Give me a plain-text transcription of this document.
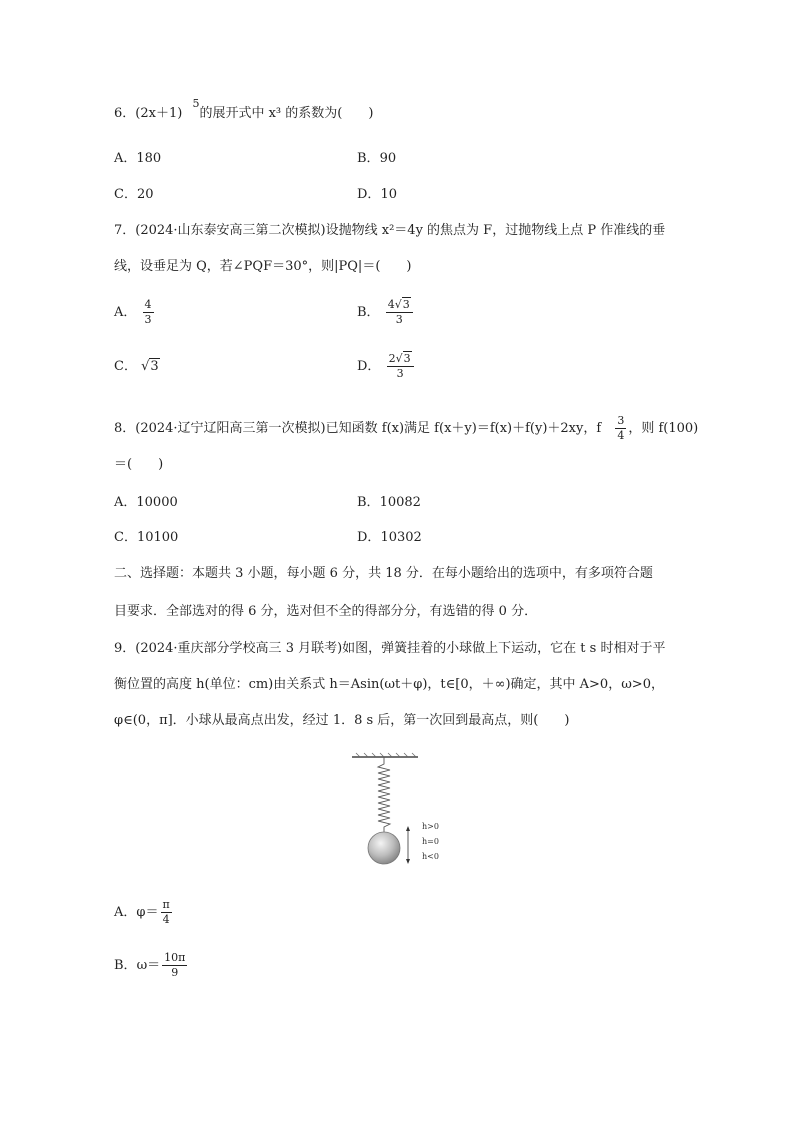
6．(2x＋1) $^5$的展开式中 x³ 的系数为(　　)
A．180	B．90
C．20	D．10
7．(2024·山东泰安高三第二次模拟)设抛物线 x²＝4y 的焦点为 F，过抛物线上点 P 作准线的垂
线，设垂足为 Q，若∠PQF＝30°，则|PQ|＝(　　)
A． $\frac{4}{3}$	B． $\frac{4√3}{3}$
C． √3	D． $\frac{2√3}{3}$
8．(2024·辽宁辽阳高三第一次模拟)已知函数 f(x)满足 f(x＋y)＝f(x)＋f(y)＋2xy，f $\frac{3}{4}$ ，则 f(100)
＝(　　)
A．10000	B．10082
C．10100	D．10302
二、选择题：本题共 3 小题，每小题 6 分，共 18 分．在每小题给出的选项中，有多项符合题
目要求．全部选对的得 6 分，选对但不全的得部分分，有选错的得 0 分．
9．(2024·重庆部分学校高三 3 月联考)如图，弹簧挂着的小球做上下运动，它在 t s 时相对于平
衡位置的高度 h(单位：cm)由关系式 h＝Asin(ωt＋φ)，t∈[0，＋∞)确定，其中 A>0，ω>0，
φ∈(0，π]．小球从最高点出发，经过 1．8 s 后，第一次回到最高点，则(　　)
h>0
h=0
h<0
A．$\varphi= \frac{\pi}{4}$
B．$\omega= \frac{10\pi}{9}$
